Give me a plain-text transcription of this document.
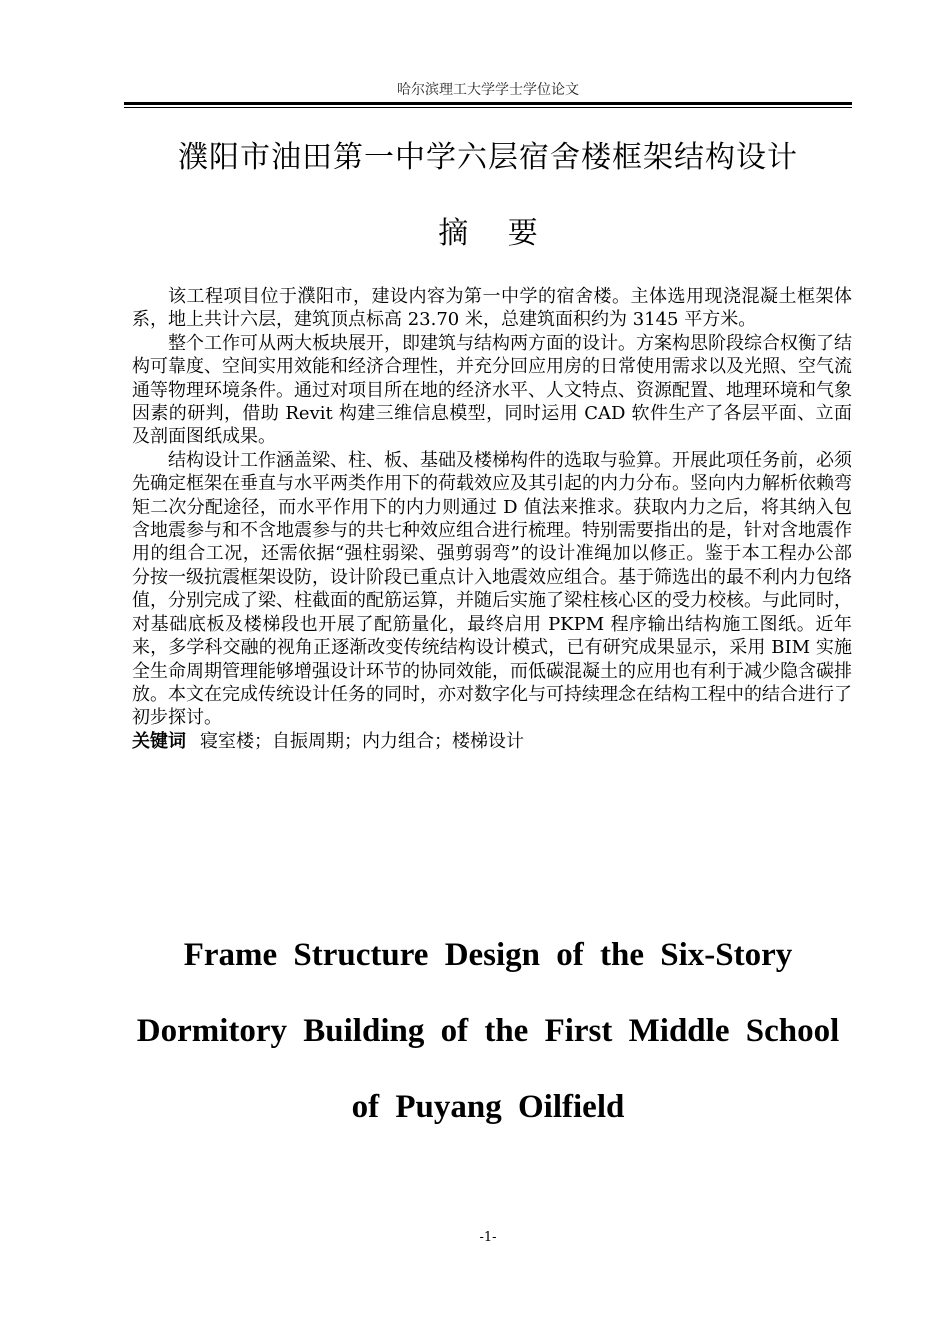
哈尔滨理工大学学士学位论文
濮阳市油田第一中学六层宿舍楼框架结构设计
摘 要

该工程项目位于濮阳市，建设内容为第一中学的宿舍楼。主体选用现浇混凝土框架体系，地上共计六层，建筑顶点标高 23.70 米，总建筑面积约为 3145 平方米。

整个工作可从两大板块展开，即建筑与结构两方面的设计。方案构思阶段综合权衡了结构可靠度、空间实用效能和经济合理性，并充分回应用房的日常使用需求以及光照、空气流通等物理环境条件。通过对项目所在地的经济水平、人文特点、资源配置、地理环境和气象因素的研判，借助 Revit 构建三维信息模型，同时运用 CAD 软件生产了各层平面、立面及剖面图纸成果。

结构设计工作涵盖梁、柱、板、基础及楼梯构件的选取与验算。开展此项任务前，必须先确定框架在垂直与水平两类作用下的荷载效应及其引起的内力分布。竖向内力解析依赖弯矩二次分配途径，而水平作用下的内力则通过 D 值法来推求。获取内力之后，将其纳入包含地震参与和不含地震参与的共七种效应组合进行梳理。特别需要指出的是，针对含地震作用的组合工况，还需依据“强柱弱梁、强剪弱弯”的设计准绳加以修正。鉴于本工程办公部分按一级抗震框架设防，设计阶段已重点计入地震效应组合。基于筛选出的最不利内力包络值，分别完成了梁、柱截面的配筋运算，并随后实施了梁柱核心区的受力校核。与此同时，对基础底板及楼梯段也开展了配筋量化，最终启用 PKPM 程序输出结构施工图纸。近年来，多学科交融的视角正逐渐改变传统结构设计模式，已有研究成果显示，采用 BIM 实施全生命周期管理能够增强设计环节的协同效能，而低碳混凝土的应用也有利于减少隐含碳排放。本文在完成传统设计任务的同时，亦对数字化与可持续理念在结构工程中的结合进行了初步探讨。

关键词 寝室楼；自振周期；内力组合；楼梯设计
Frame Structure Design of the Six-Story
Dormitory Building of the First Middle School
of Puyang Oilfield
-1-
